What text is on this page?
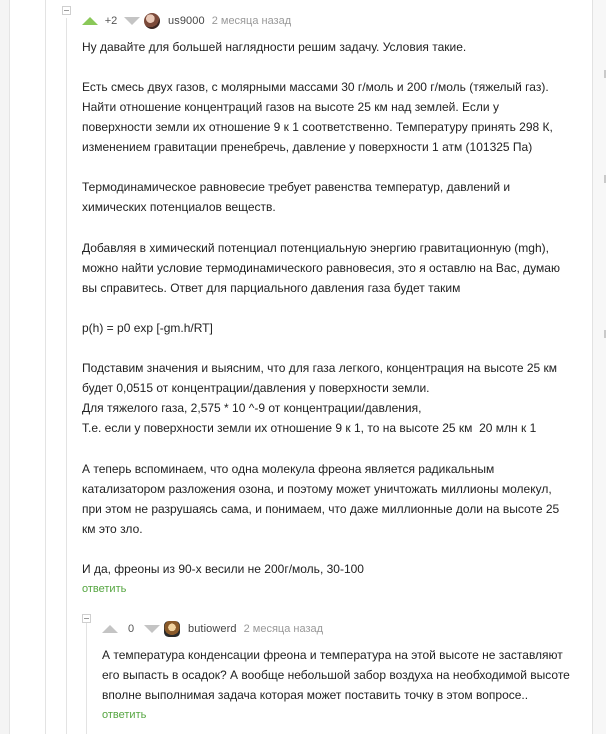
+2	us9000 2 месяца назад
Ну давайте для большей наглядности решим задачу. Условия такие.
Есть смесь двух газов, с молярными массами 30 г/моль и 200 г/моль (тяжелый газ).
Найти отношение концентраций газов на высоте 25 км над землей. Если у
поверхности земли их отношение 9 к 1 соответственно. Температуру принять 298 К,
изменением гравитации пренебречь, давление у поверхности 1 атм (101325 Па)
Термодинамическое равновесие требует равенства температур, давлений и
химических потенциалов веществ.
Добавляя в химический потенциал потенциальную энергию гравитационную (mgh),
можно найти условие термодинамического равновесия, это я оставлю на Вас, думаю
вы справитесь. Ответ для парциального давления газа будет таким
p(h) = p0 exp [-gm.h/RT]
Подставим значения и выясним, что для газа легкого, концентрация на высоте 25 км
будет 0,0515 от концентрации/давления у поверхности земли.
Для тяжелого газа, 2,575 * 10 ^-9 от концентрации/давления,
Т.е. если у поверхности земли их отношение 9 к 1, то на высоте 25 км  20 млн к 1
А теперь вспоминаем, что одна молекула фреона является радикальным
катализатором разложения озона, и поэтому может уничтожать миллионы молекул,
при этом не разрушаясь сама, и понимаем, что даже миллионные доли на высоте 25
км это зло.
И да, фреоны из 90-х весили не 200г/моль, 30-100
ответить
0	butiowerd 2 месяца назад
А температура конденсации фреона и температура на этой высоте не заставляют
его выпасть в осадок? А вообще небольшой забор воздуха на необходимой высоте
вполне выполнимая задача которая может поставить точку в этом вопросе..
ответить
